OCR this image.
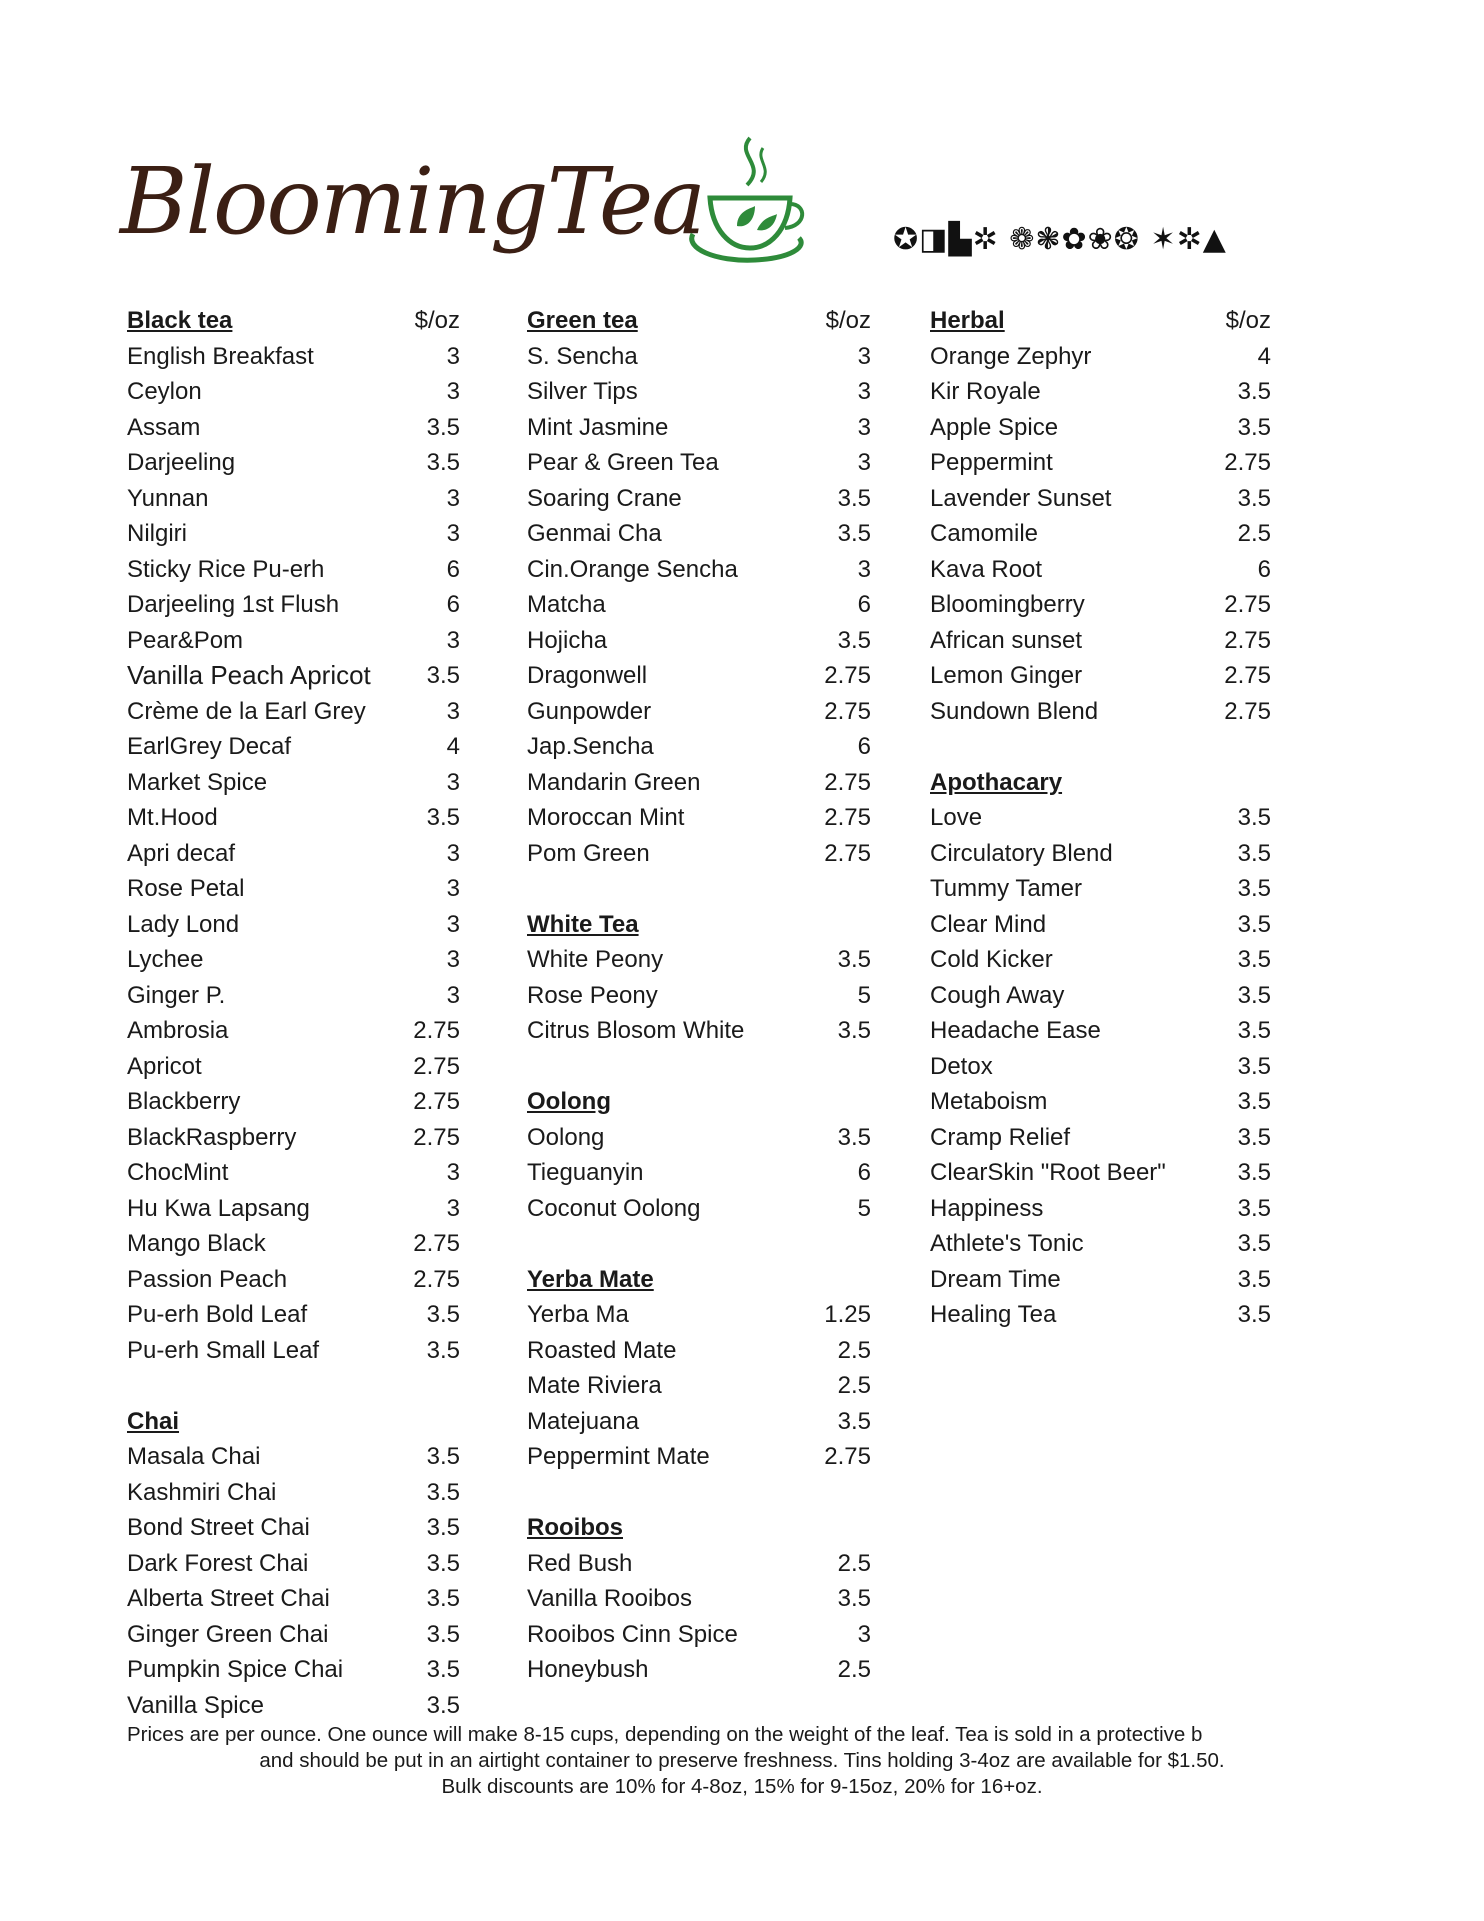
BloomingTea	✪◨▙✲ ❁❃✿❀❂ ✶✲▲
Black tea	$/oz
English Breakfast	3
Ceylon	3
Assam	3.5
Darjeeling	3.5
Yunnan	3
Nilgiri	3
Sticky Rice Pu-erh	6
Darjeeling 1st Flush	6
Pear&Pom	3
Vanilla Peach Apricot 3.5
Crème de la Earl Grey	3
EarlGrey Decaf	4
Market Spice	3
Mt.Hood	3.5
Apri decaf	3
Rose Petal	3
Lady Lond	3
Lychee	3
Ginger P.	3
Ambrosia	2.75
Apricot	2.75
Blackberry	2.75
BlackRaspberry	2.75
ChocMint	3
Hu Kwa Lapsang	3
Mango Black	2.75
Passion Peach	2.75
Pu-erh Bold Leaf	3.5
Pu-erh Small Leaf	3.5
Chai
Masala Chai	3.5
Kashmiri Chai	3.5
Bond Street Chai	3.5
Dark Forest Chai	3.5
Alberta Street Chai	3.5
Ginger Green Chai	3.5
Pumpkin Spice Chai	3.5
Vanilla Spice	3.5
Green tea	$/oz
S. Sencha	3
Silver Tips	3
Mint Jasmine	3
Pear & Green Tea	3
Soaring Crane	3.5
Genmai Cha	3.5
Cin.Orange Sencha	3
Matcha	6
Hojicha	3.5
Dragonwell	2.75
Gunpowder	2.75
Jap.Sencha	6
Mandarin Green	2.75
Moroccan Mint	2.75
Pom Green	2.75
White Tea
White Peony	3.5
Rose Peony	5
Citrus Blosom White	3.5
Oolong
Oolong	3.5
Tieguanyin	6
Coconut Oolong	5
Yerba Mate
Yerba Ma	1.25
Roasted Mate	2.5
Mate Riviera	2.5
Matejuana	3.5
Peppermint Mate	2.75
Rooibos
Red Bush	2.5
Vanilla Rooibos	3.5
Rooibos Cinn Spice	3
Honeybush	2.5
Herbal	$/oz
Orange Zephyr	4
Kir Royale	3.5
Apple Spice	3.5
Peppermint	2.75
Lavender Sunset	3.5
Camomile	2.5
Kava Root	6
Bloomingberry	2.75
African sunset	2.75
Lemon Ginger	2.75
Sundown Blend	2.75
Apothacary
Love	3.5
Circulatory Blend	3.5
Tummy Tamer	3.5
Clear Mind	3.5
Cold Kicker	3.5
Cough Away	3.5
Headache Ease	3.5
Detox	3.5
Metaboism	3.5
Cramp Relief	3.5
ClearSkin "Root Beer"	3.5
Happiness	3.5
Athlete's Tonic	3.5
Dream Time	3.5
Healing Tea	3.5
Prices are per ounce. One ounce will make 8-15 cups, depending on the weight of the leaf. Tea is sold in a protective b
and should be put in an airtight container to preserve freshness. Tins holding 3-4oz are available for $1.50.
Bulk discounts are 10% for 4-8oz, 15% for 9-15oz, 20% for 16+oz.
